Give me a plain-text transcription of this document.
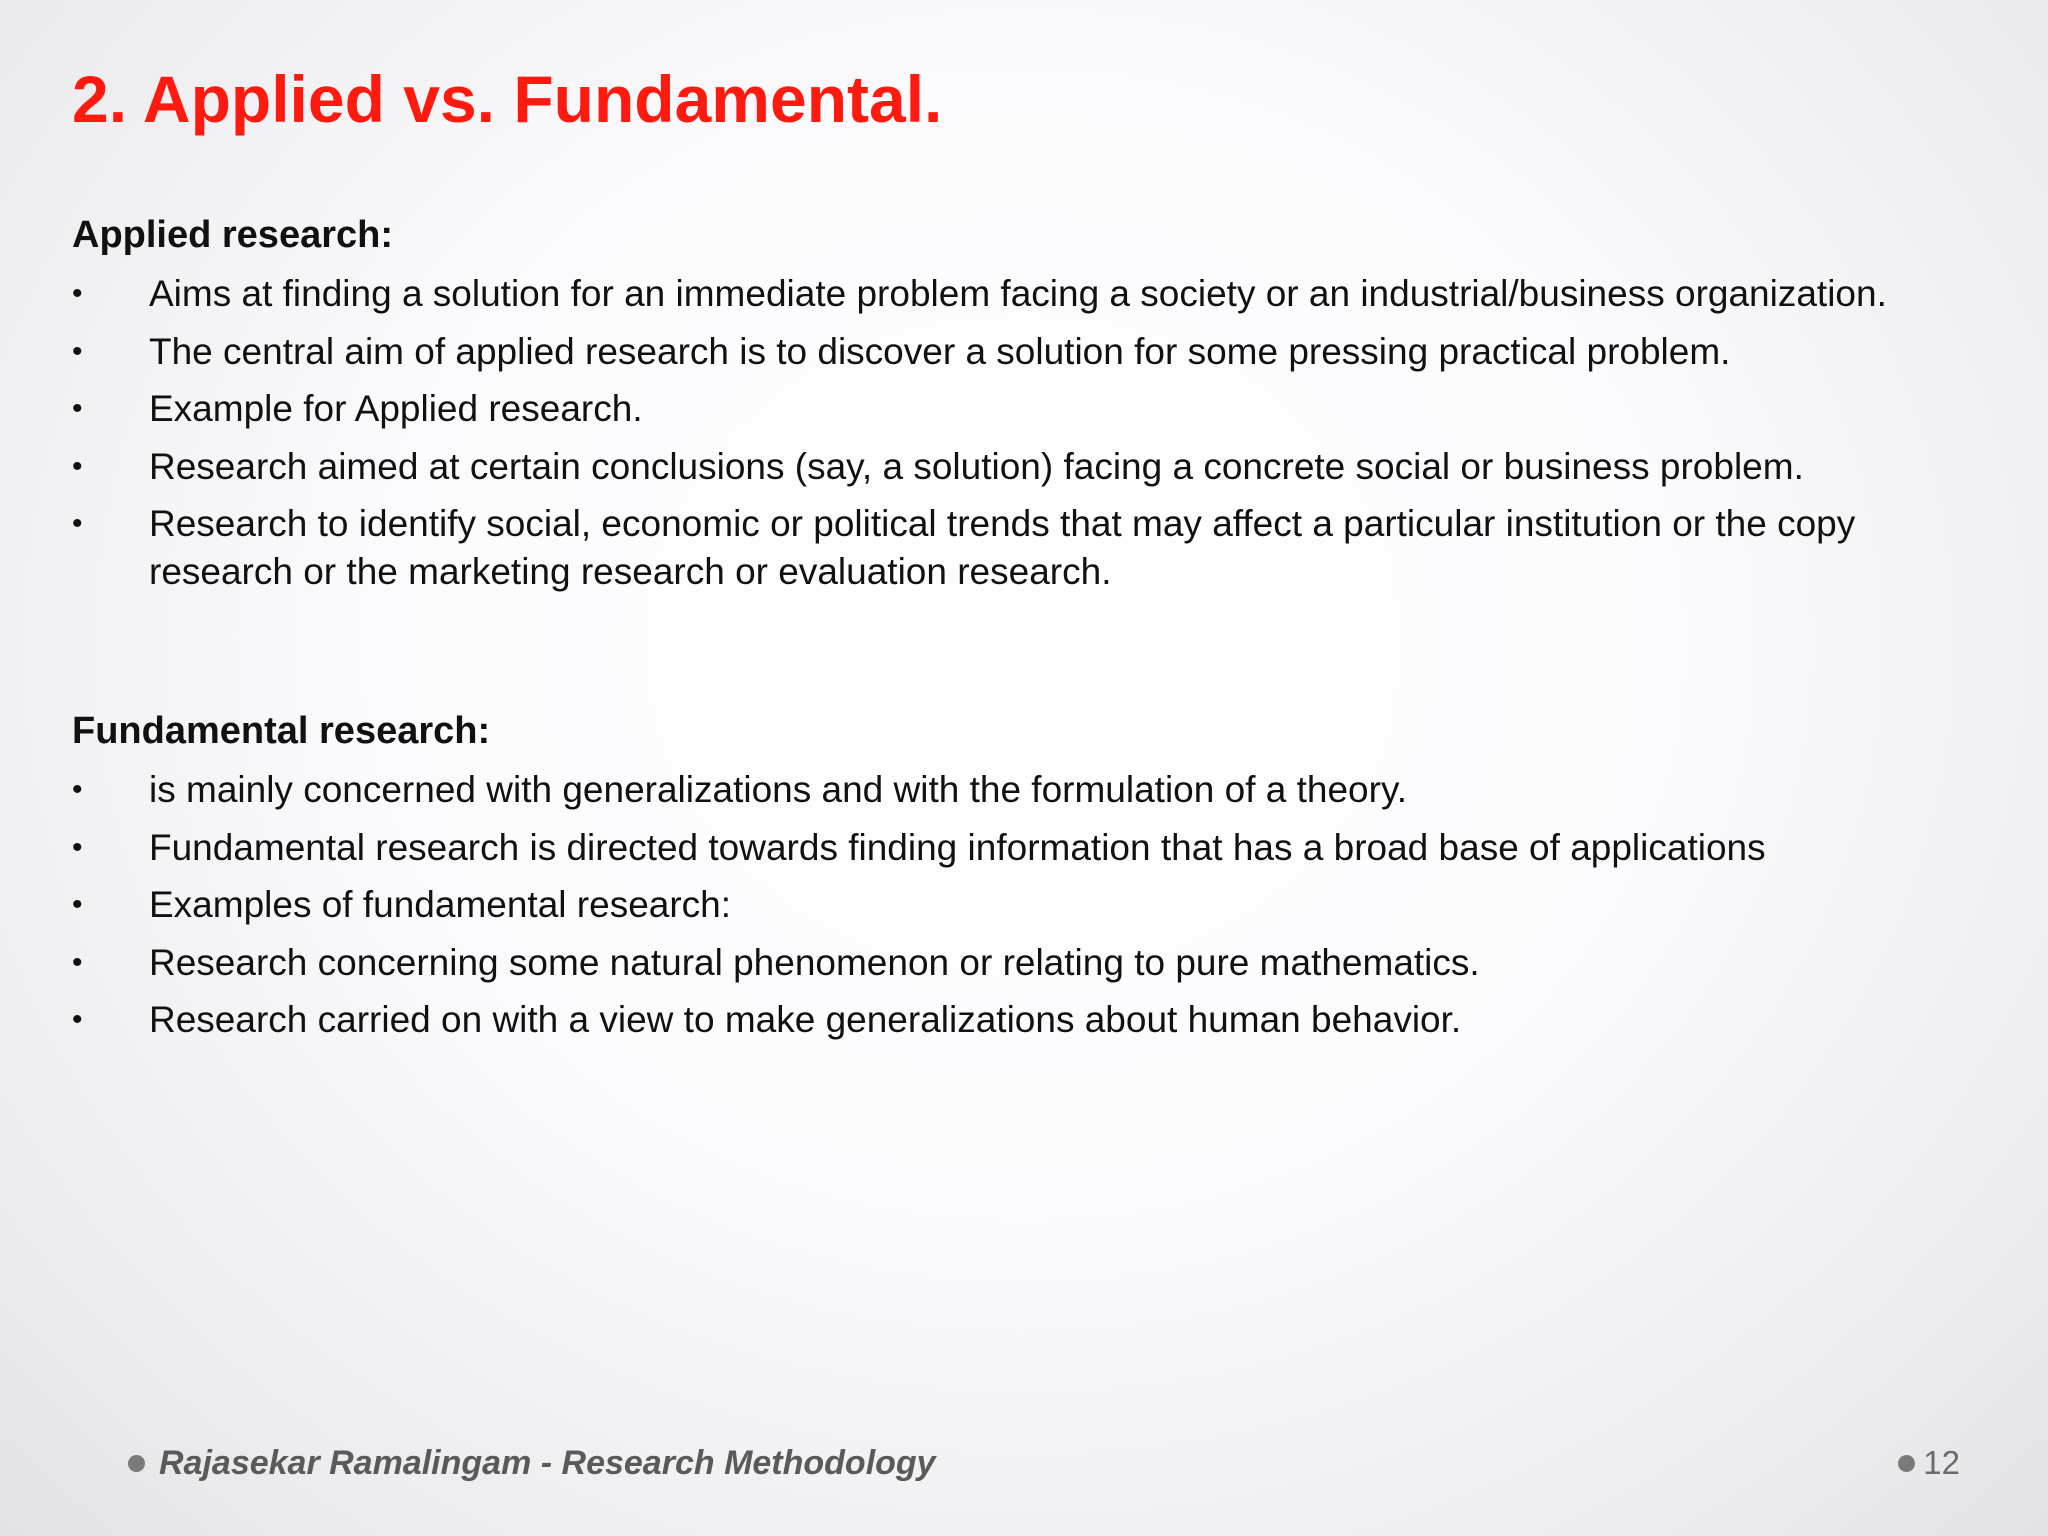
2. Applied vs. Fundamental.
Applied research:
•	Aims at finding a solution for an immediate problem facing a society or an industrial/business organization.
•	The central aim of applied research is to discover a solution for some pressing practical problem.
•	Example for Applied research.
•	Research aimed at certain conclusions (say, a solution) facing a concrete social or business problem.
•	Research to identify social, economic or political trends that may affect a particular institution or the copy research or the marketing research or evaluation research.
Fundamental research:
•	is mainly concerned with generalizations and with the formulation of a theory.
•	Fundamental research is directed towards finding information that has a broad base of applications
•	Examples of fundamental research:
•	Research concerning some natural phenomenon or relating to pure mathematics.
•	Research carried on with a view to make generalizations about human behavior.
Rajasekar Ramalingam - Research Methodology	12
